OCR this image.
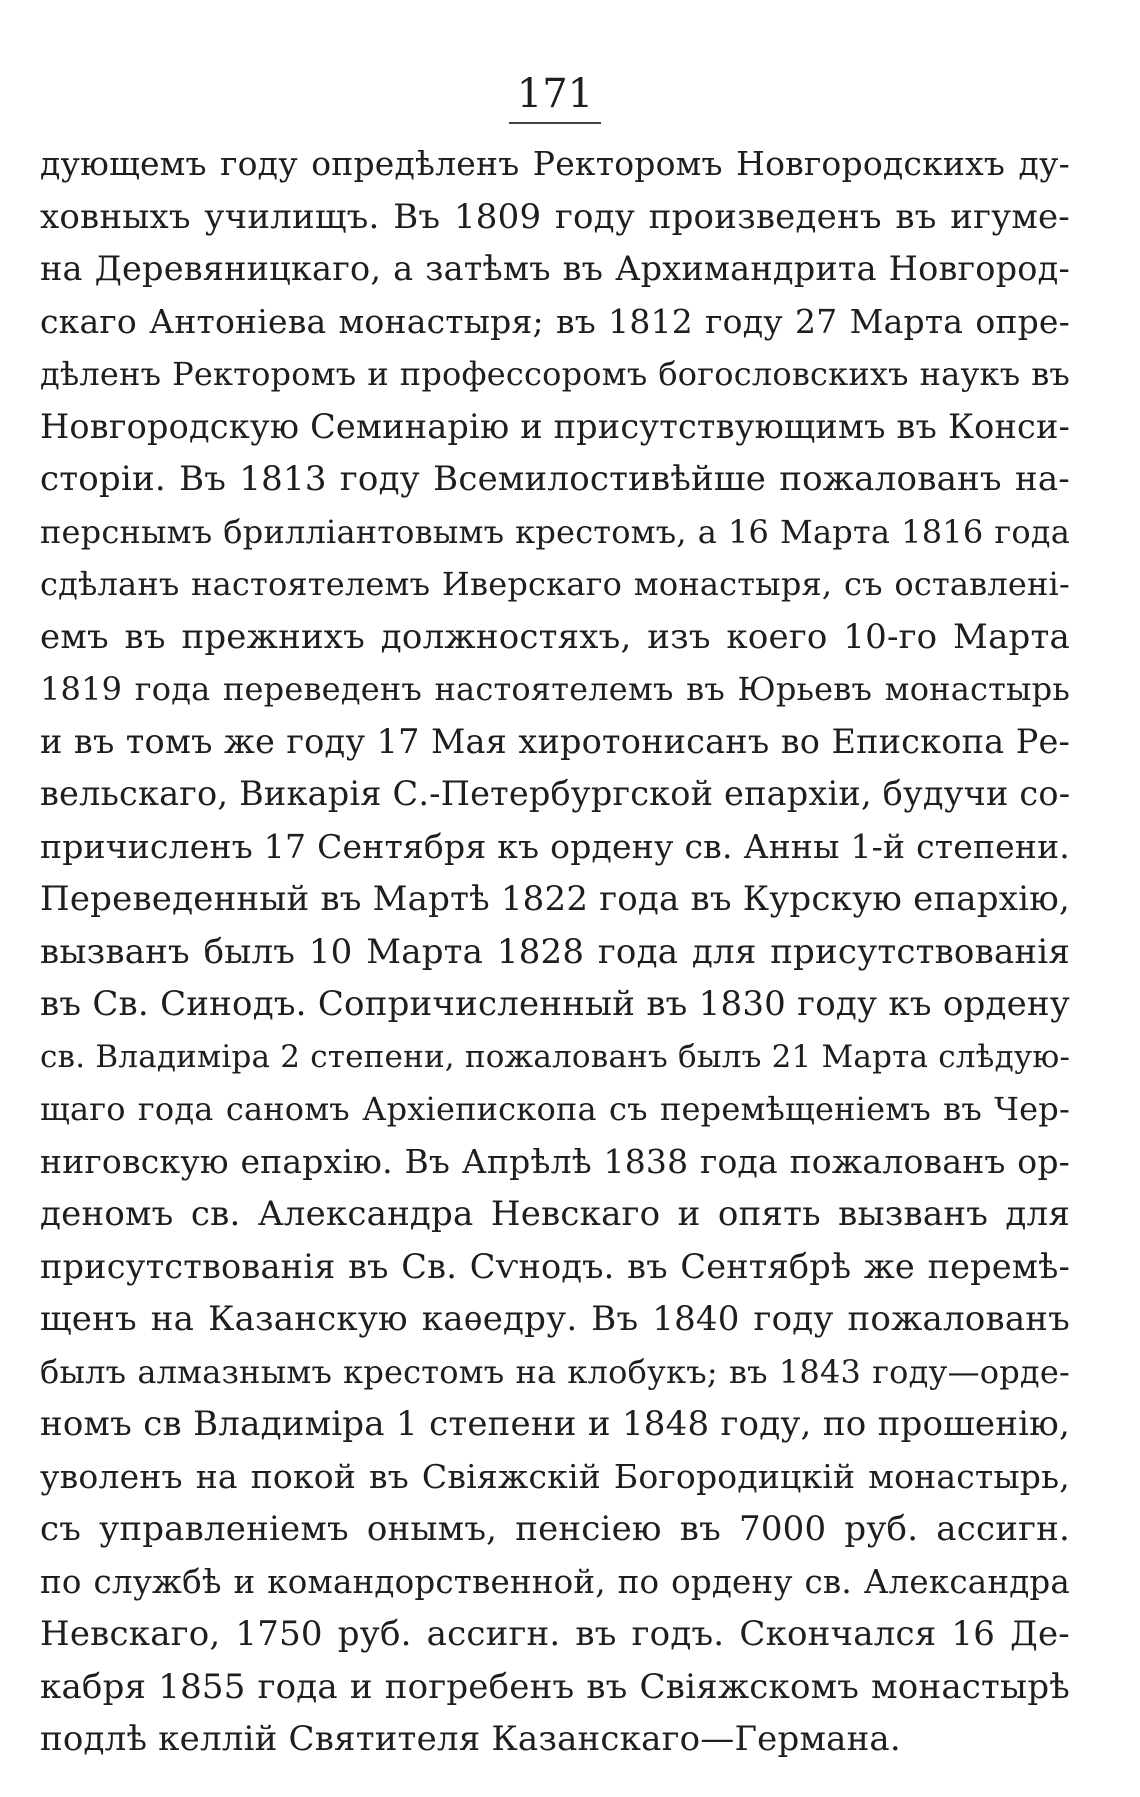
171
дующемъ году опредѣленъ Ректоромъ Новгородскихъ ду-
ховныхъ училищъ. Въ 1809 году произведенъ въ игуме-
на Деревяницкаго, а затѣмъ въ Архимандрита Новгород-
скаго Антоніева монастыря; въ 1812 году 27 Марта опре-
дѣленъ Ректоромъ и профессоромъ богословскихъ наукъ въ
Новгородскую Семинарію и присутствующимъ въ Конси-
сторіи. Въ 1813 году Всемилостивѣйше пожалованъ на-
перснымъ бриллiантовымъ крестомъ, а 16 Марта 1816 года
сдѣланъ настоятелемъ Иверскаго монастыря, съ оставленi-
емъ въ прежнихъ должностяхъ, изъ коего 10-го Марта
1819 года переведенъ настоятелемъ въ Юрьевъ монастырь
и въ томъ же году 17 Мая хиротонисанъ во Епископа Ре-
вельскаго, Викарія С.-Петербургской епархіи, будучи со-
причисленъ 17 Сентября къ ордену св. Анны 1-й степени.
Переведенный въ Мартѣ 1822 года въ Курскую епархію,
вызванъ былъ 10 Марта 1828 года для присутствованія
въ Св. Синодъ. Сопричисленный въ 1830 году къ ордену
св. Владиміра 2 степени, пожалованъ былъ 21 Марта слѣдую-
щаго года саномъ Архіепископа съ перемѣщеніемъ въ Чер-
ниговскую епархію. Въ Апрѣлѣ 1838 года пожалованъ ор-
деномъ св. Александра Невскаго и опять вызванъ для
присутствованія въ Св. Сѵнодъ. въ Сентябрѣ же перемѣ-
щенъ на Казанскую каѳедру. Въ 1840 году пожалованъ
былъ алмазнымъ крестомъ на клобукъ; въ 1843 году—орде-
номъ св Владиміра 1 степени и 1848 году, по прошенію,
уволенъ на покой въ Свіяжскій Богородицкій монастырь,
съ управленіемъ онымъ, пенсіею въ 7000 руб. ассигн.
по службѣ и командорственной, по ордену св. Александра
Невскаго, 1750 руб. ассигн. въ годъ. Скончался 16 Де-
кабря 1855 года и погребенъ въ Свіяжскомъ монастырѣ
подлѣ келлій Святителя Казанскаго—Германа.
